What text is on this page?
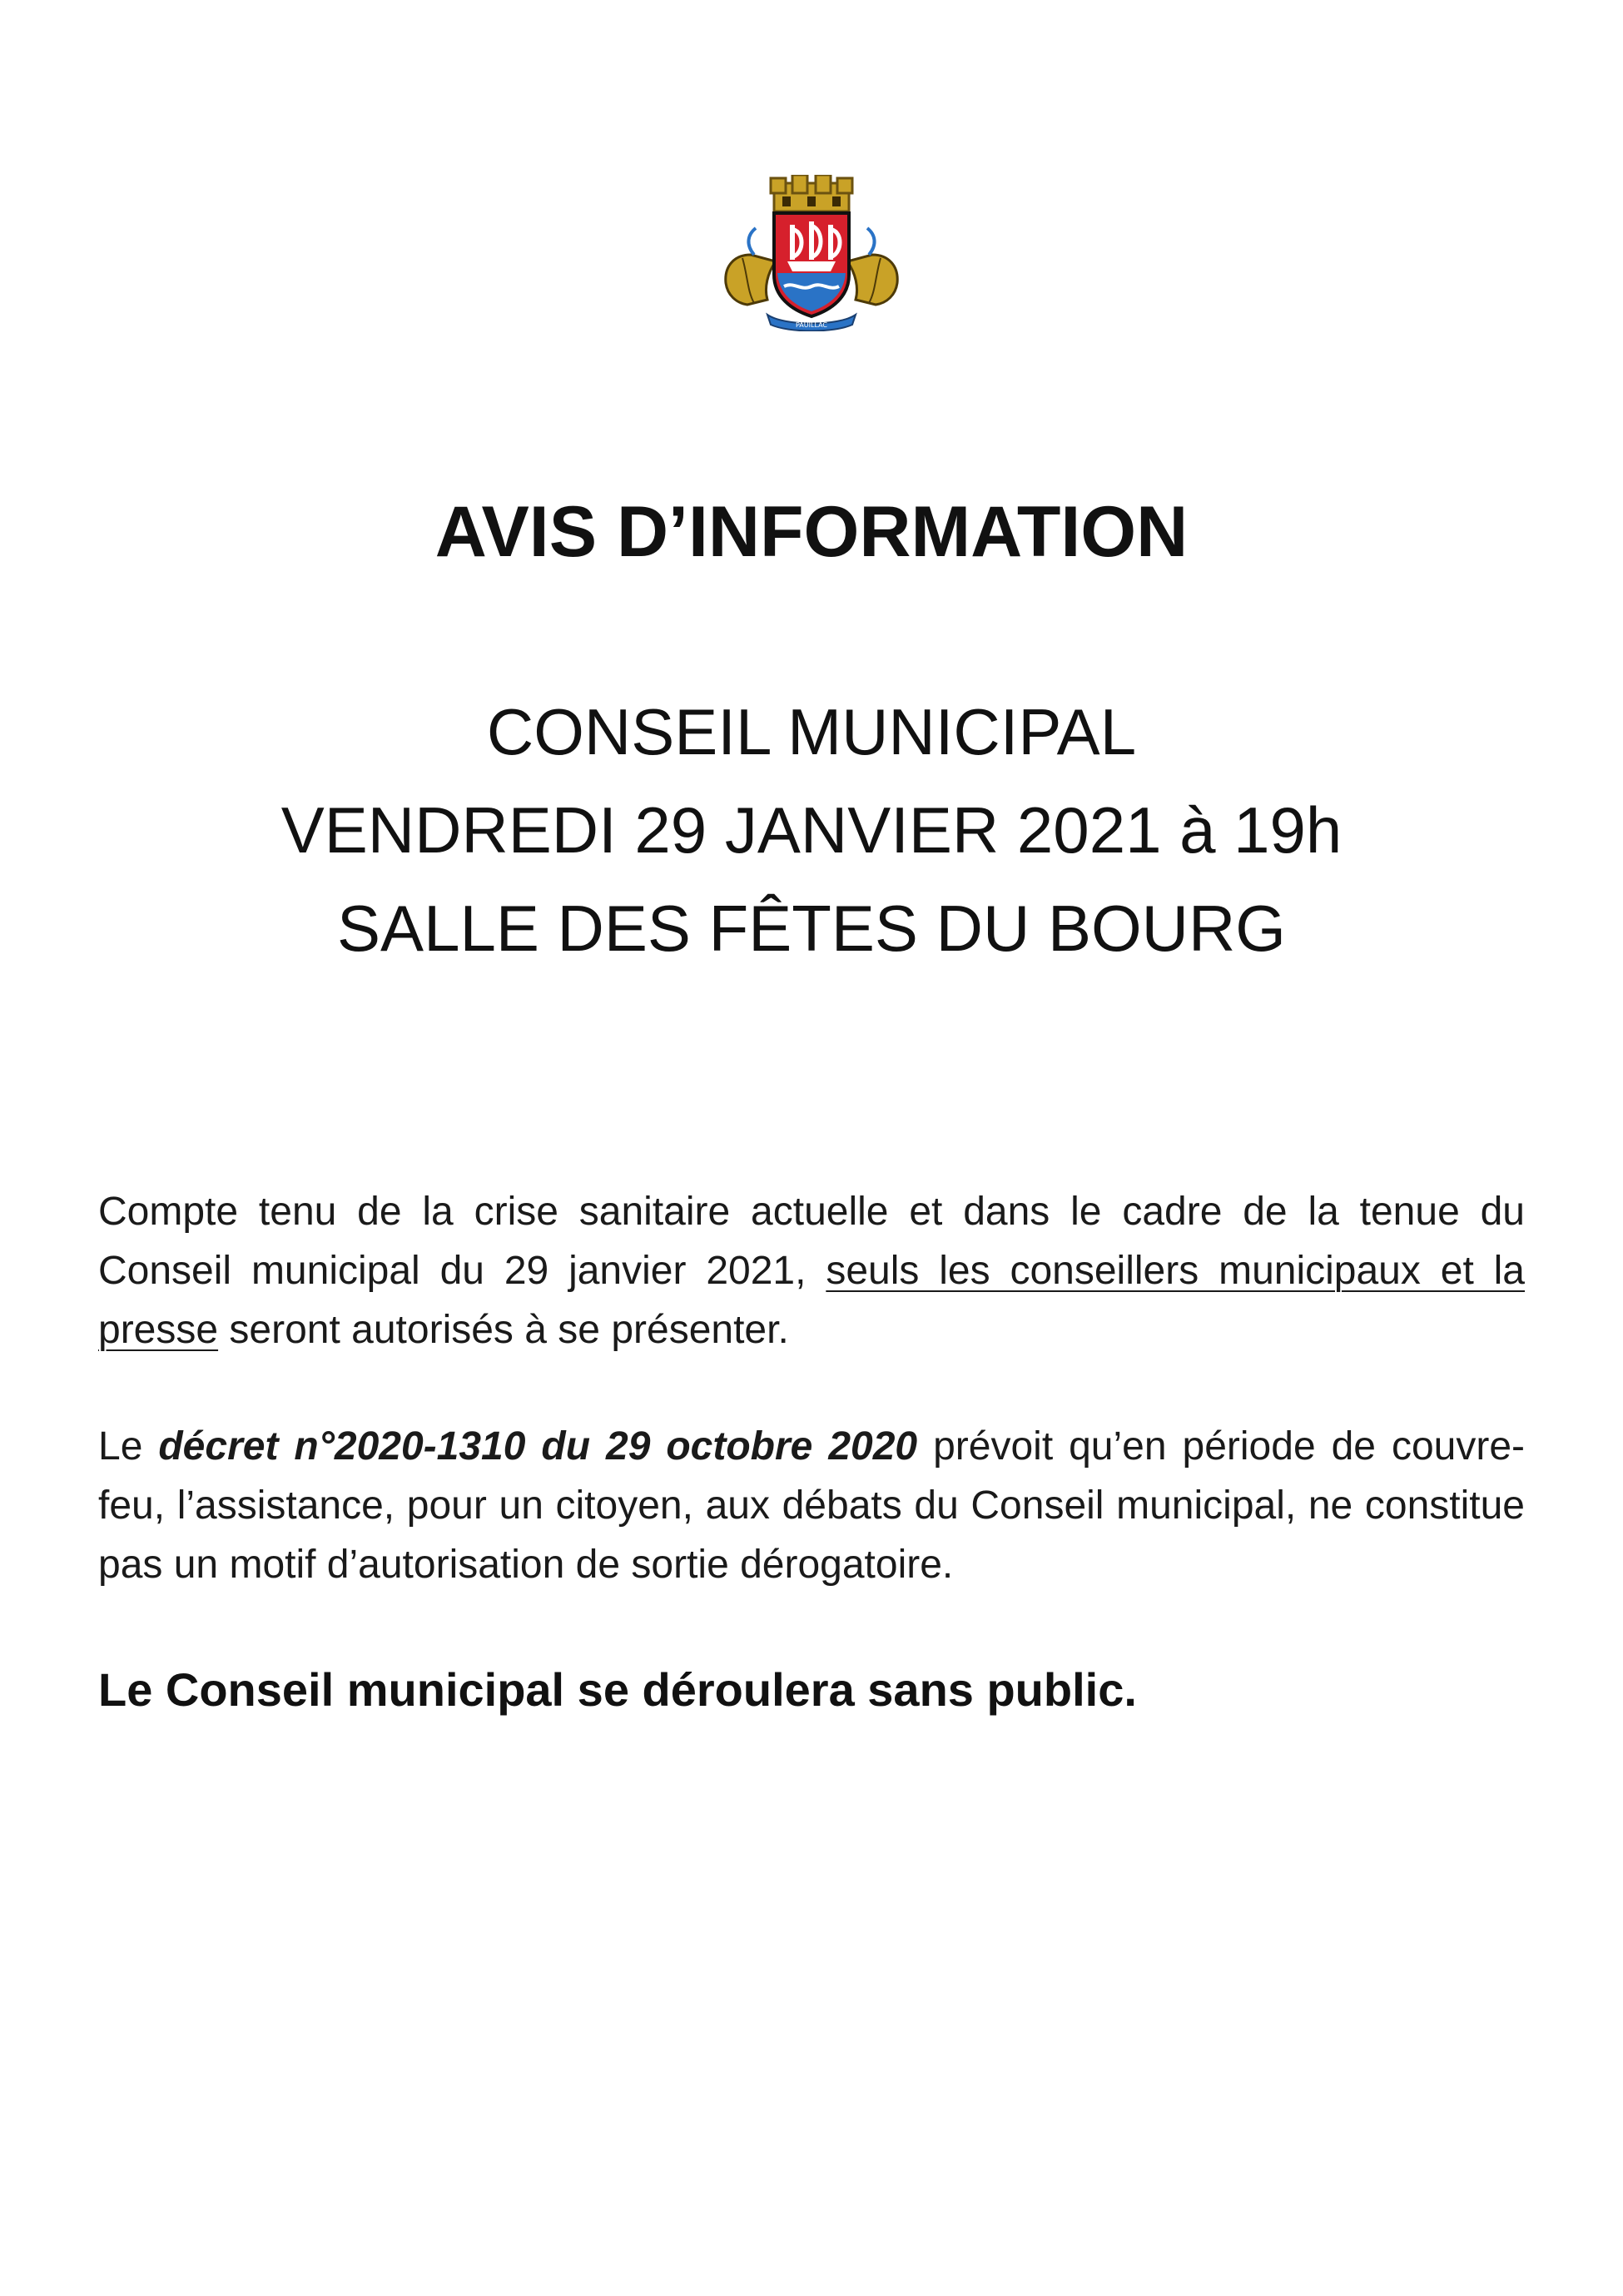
PAUILLAC
AVIS D’INFORMATION
CONSEIL MUNICIPAL
VENDREDI 29 JANVIER 2021 à 19h
SALLE DES FÊTES DU BOURG

Compte tenu de la crise sanitaire actuelle et dans le cadre de la tenue du Conseil municipal du 29 janvier 2021, seuls les conseillers municipaux et la presse seront autorisés à se présenter.

Le décret n°2020-1310 du 29 octobre 2020 prévoit qu’en période de couvre-feu, l’assistance, pour un citoyen, aux débats du Conseil municipal, ne constitue pas un motif d’autorisation de sortie dérogatoire.

Le Conseil municipal se déroulera sans public.
